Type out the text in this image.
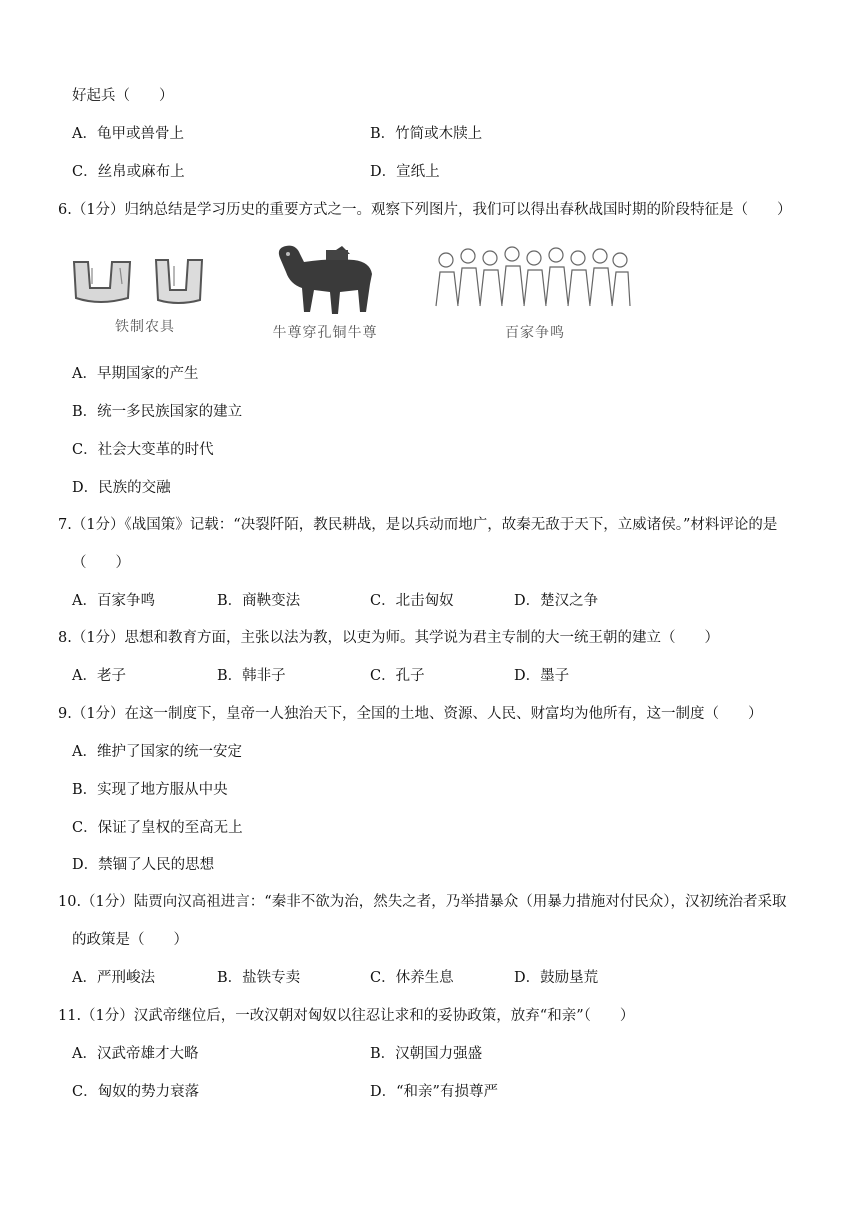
好起兵（　　）
A．龟甲或兽骨上	B．竹简或木牍上
C．丝帛或麻布上	D．宣纸上
6.（1分）归纳总结是学习历史的重要方式之一。观察下列图片，我们可以得出春秋战国时期的阶段特征是（　　）
铁制农具	牛尊穿孔铜牛尊	百家争鸣
A．早期国家的产生
B．统一多民族国家的建立
C．社会大变革的时代
D．民族的交融
7.（1分）《战国策》记载：“决裂阡陌，教民耕战，是以兵动而地广，故秦无敌于天下，立威诸侯。”材料评论的是
（　　）
A．百家争鸣	B．商鞅变法	C．北击匈奴	D．楚汉之争
8.（1分）思想和教育方面，主张以法为教，以吏为师。其学说为君主专制的大一统王朝的建立（　　）
A．老子	B．韩非子	C．孔子	D．墨子
9.（1分）在这一制度下，皇帝一人独治天下，全国的土地、资源、人民、财富均为他所有，这一制度（　　）
A．维护了国家的统一安定
B．实现了地方服从中央
C．保证了皇权的至高无上
D．禁锢了人民的思想
10.（1分）陆贾向汉高祖进言：“秦非不欲为治，然失之者，乃举措暴众（用暴力措施对付民众），汉初统治者采取
的政策是（　　）
A．严刑峻法	B．盐铁专卖	C．休养生息	D．鼓励垦荒
11.（1分）汉武帝继位后，一改汉朝对匈奴以往忍让求和的妥协政策，放弃“和亲”（　　）
A．汉武帝雄才大略	B．汉朝国力强盛
C．匈奴的势力衰落	D．“和亲”有损尊严
